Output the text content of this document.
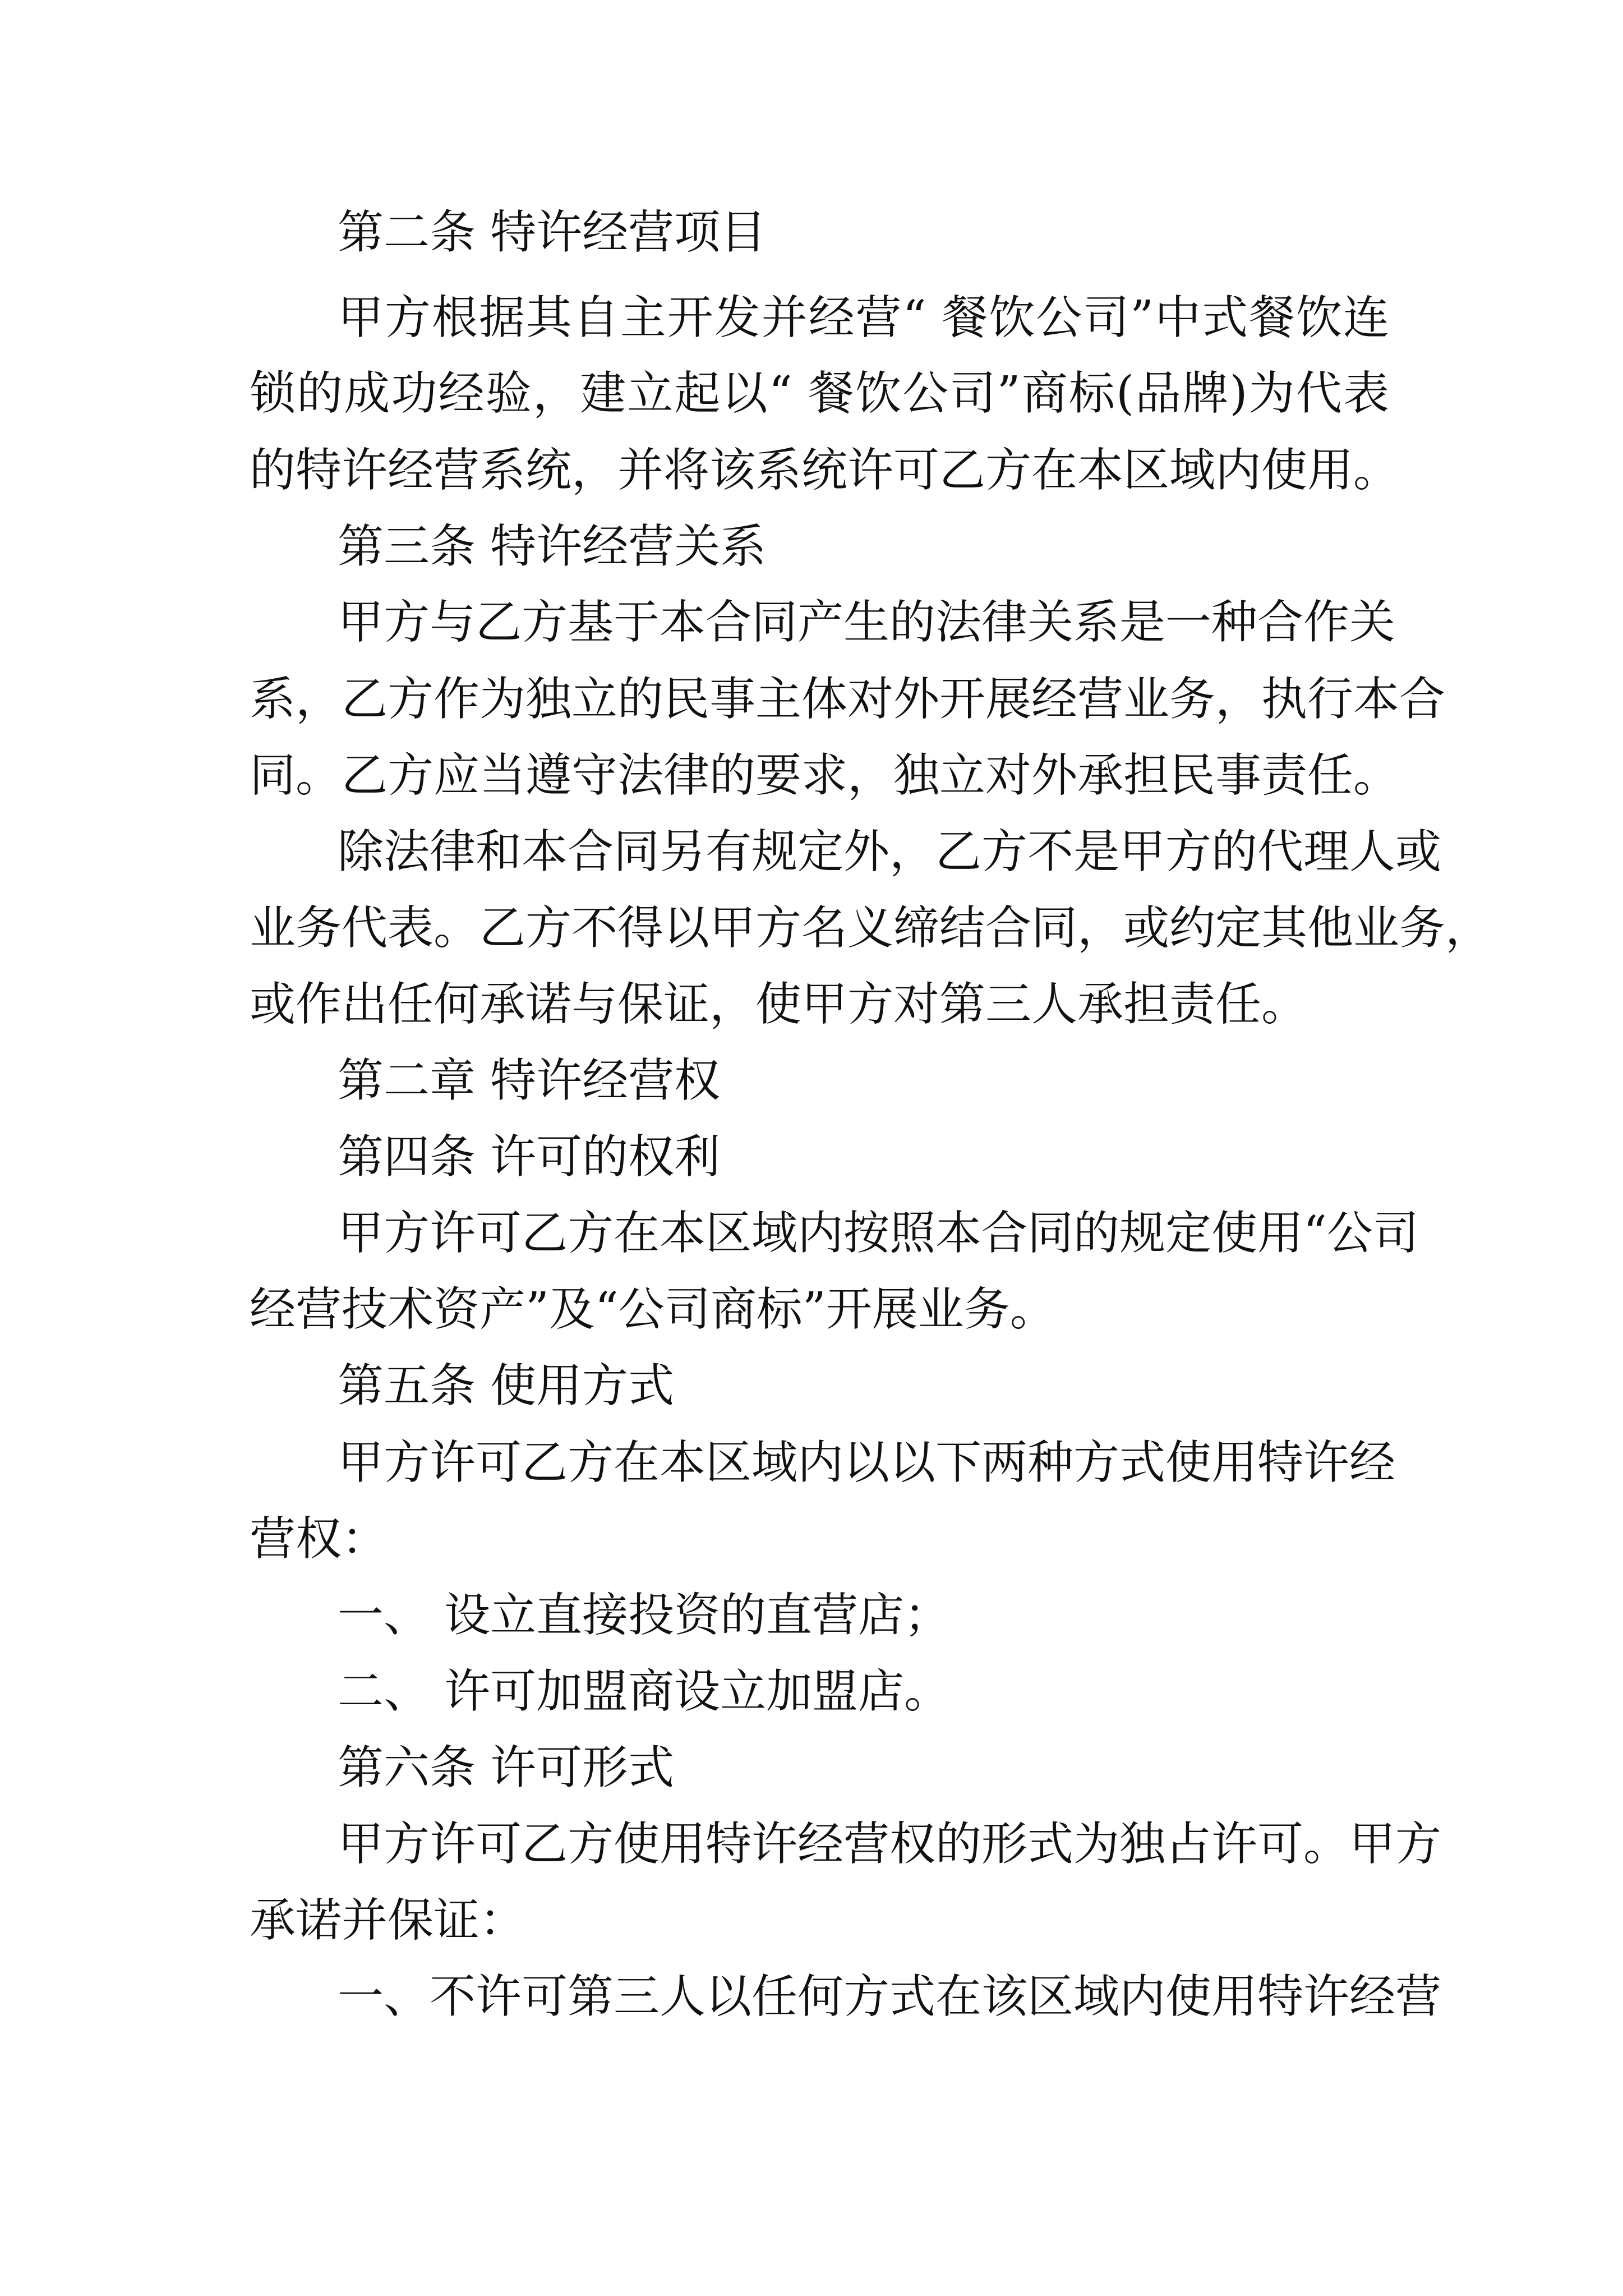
第二条 特许经营项目
甲方根据其自主开发并经营“ 餐饮公司”中式餐饮连
锁的成功经验，建立起以“ 餐饮公司”商标(品牌)为代表
的特许经营系统，并将该系统许可乙方在本区域内使用。
第三条 特许经营关系
甲方与乙方基于本合同产生的法律关系是一种合作关
系，乙方作为独立的民事主体对外开展经营业务，执行本合
同。乙方应当遵守法律的要求，独立对外承担民事责任。
除法律和本合同另有规定外，乙方不是甲方的代理人或
业务代表。乙方不得以甲方名义缔结合同，或约定其他业务，
或作出任何承诺与保证，使甲方对第三人承担责任。
第二章 特许经营权
第四条 许可的权利
甲方许可乙方在本区域内按照本合同的规定使用“公司
经营技术资产”及“公司商标”开展业务。
第五条 使用方式
甲方许可乙方在本区域内以以下两种方式使用特许经
营权：
一、 设立直接投资的直营店；
二、 许可加盟商设立加盟店。
第六条 许可形式
甲方许可乙方使用特许经营权的形式为独占许可。甲方
承诺并保证：
一、不许可第三人以任何方式在该区域内使用特许经营
